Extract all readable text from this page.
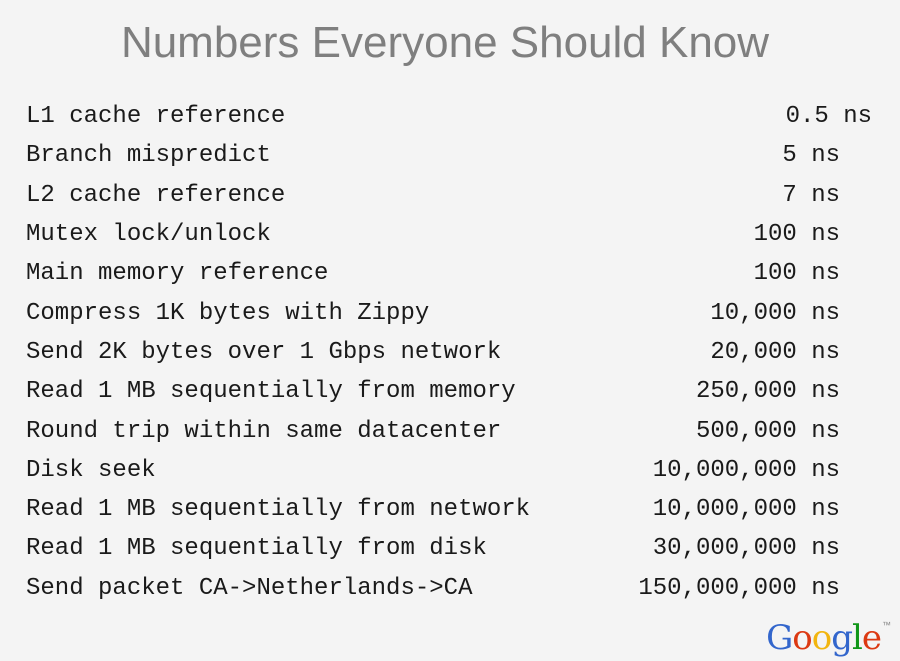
Numbers Everyone Should Know
L1 cache reference	0.5 ns
Branch mispredict	5 ns
L2 cache reference	7 ns
Mutex lock/unlock	100 ns
Main memory reference	100 ns
Compress 1K bytes with Zippy	10,000 ns
Send 2K bytes over 1 Gbps network	20,000 ns
Read 1 MB sequentially from memory	250,000 ns
Round trip within same datacenter	500,000 ns
Disk seek	10,000,000 ns
Read 1 MB sequentially from network	10,000,000 ns
Read 1 MB sequentially from disk	30,000,000 ns
Send packet CA->Netherlands->CA	150,000,000 ns
Google™
